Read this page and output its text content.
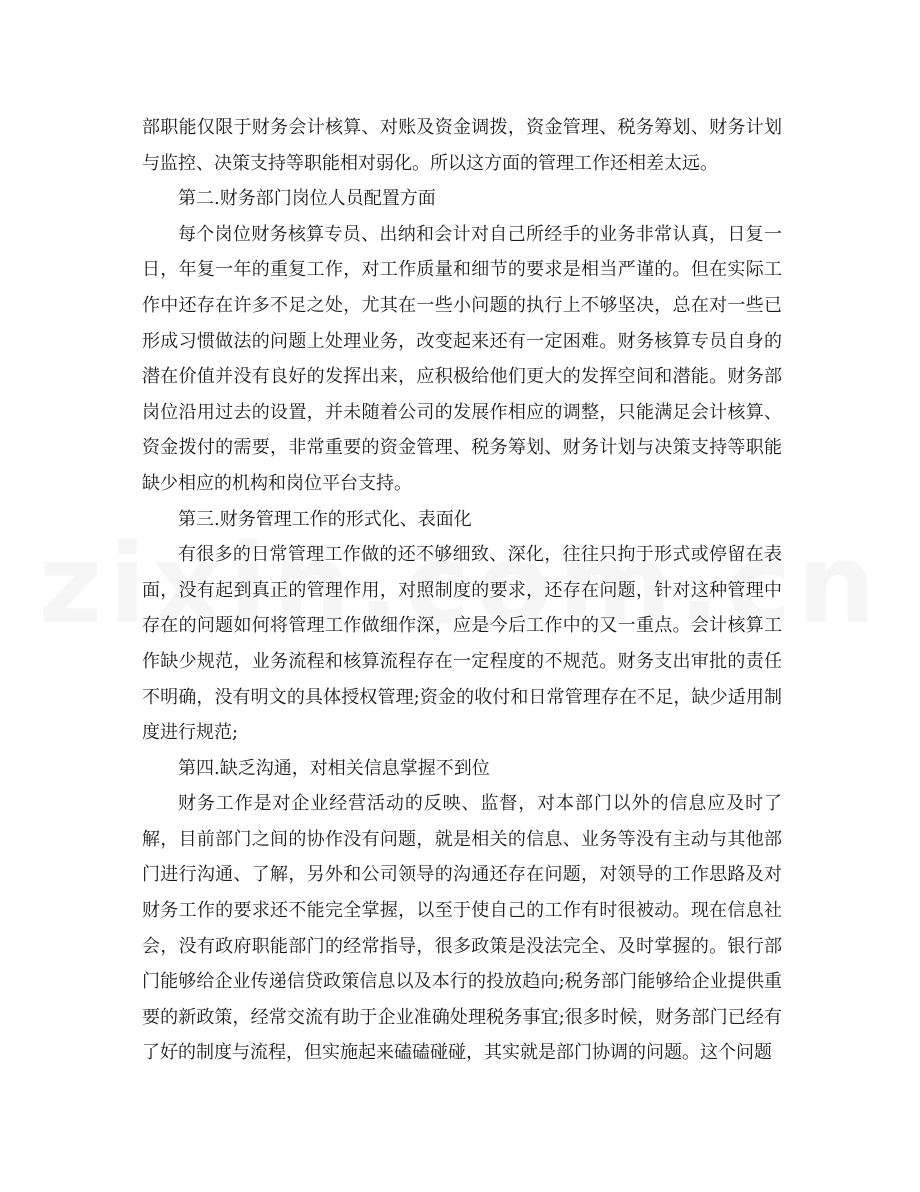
部职能仅限于财务会计核算、对账及资金调拨，资金管理、税务筹划、财务计划与监控、决策支持等职能相对弱化。所以这方面的管理工作还相差太远。

第二.财务部门岗位人员配置方面

每个岗位财务核算专员、出纳和会计对自己所经手的业务非常认真，日复一日，年复一年的重复工作，对工作质量和细节的要求是相当严谨的。但在实际工作中还存在许多不足之处，尤其在一些小问题的执行上不够坚决，总在对一些已形成习惯做法的问题上处理业务，改变起来还有一定困难。财务核算专员自身的潜在价值并没有良好的发挥出来，应积极给他们更大的发挥空间和潜能。财务部岗位沿用过去的设置，并未随着公司的发展作相应的调整，只能满足会计核算、资金拨付的需要，非常重要的资金管理、税务筹划、财务计划与决策支持等职能缺少相应的机构和岗位平台支持。

第三.财务管理工作的形式化、表面化

有很多的日常管理工作做的还不够细致、深化，往往只拘于形式或停留在表面，没有起到真正的管理作用，对照制度的要求，还存在问题，针对这种管理中存在的问题如何将管理工作做细作深，应是今后工作中的又一重点。会计核算工作缺少规范，业务流程和核算流程存在一定程度的不规范。财务支出审批的责任不明确，没有明文的具体授权管理;资金的收付和日常管理存在不足，缺少适用制度进行规范;

第四.缺乏沟通，对相关信息掌握不到位

财务工作是对企业经营活动的反映、监督，对本部门以外的信息应及时了解，目前部门之间的协作没有问题，就是相关的信息、业务等没有主动与其他部门进行沟通、了解，另外和公司领导的沟通还存在问题，对领导的工作思路及对财务工作的要求还不能完全掌握，以至于使自己的工作有时很被动。现在信息社会，没有政府职能部门的经常指导，很多政策是没法完全、及时掌握的。银行部门能够给企业传递信贷政策信息以及本行的投放趋向;税务部门能够给企业提供重要的新政策，经常交流有助于企业准确处理税务事宜;很多时候，财务部门已经有了好的制度与流程，但实施起来磕磕碰碰，其实就是部门协调的问题。这个问题
